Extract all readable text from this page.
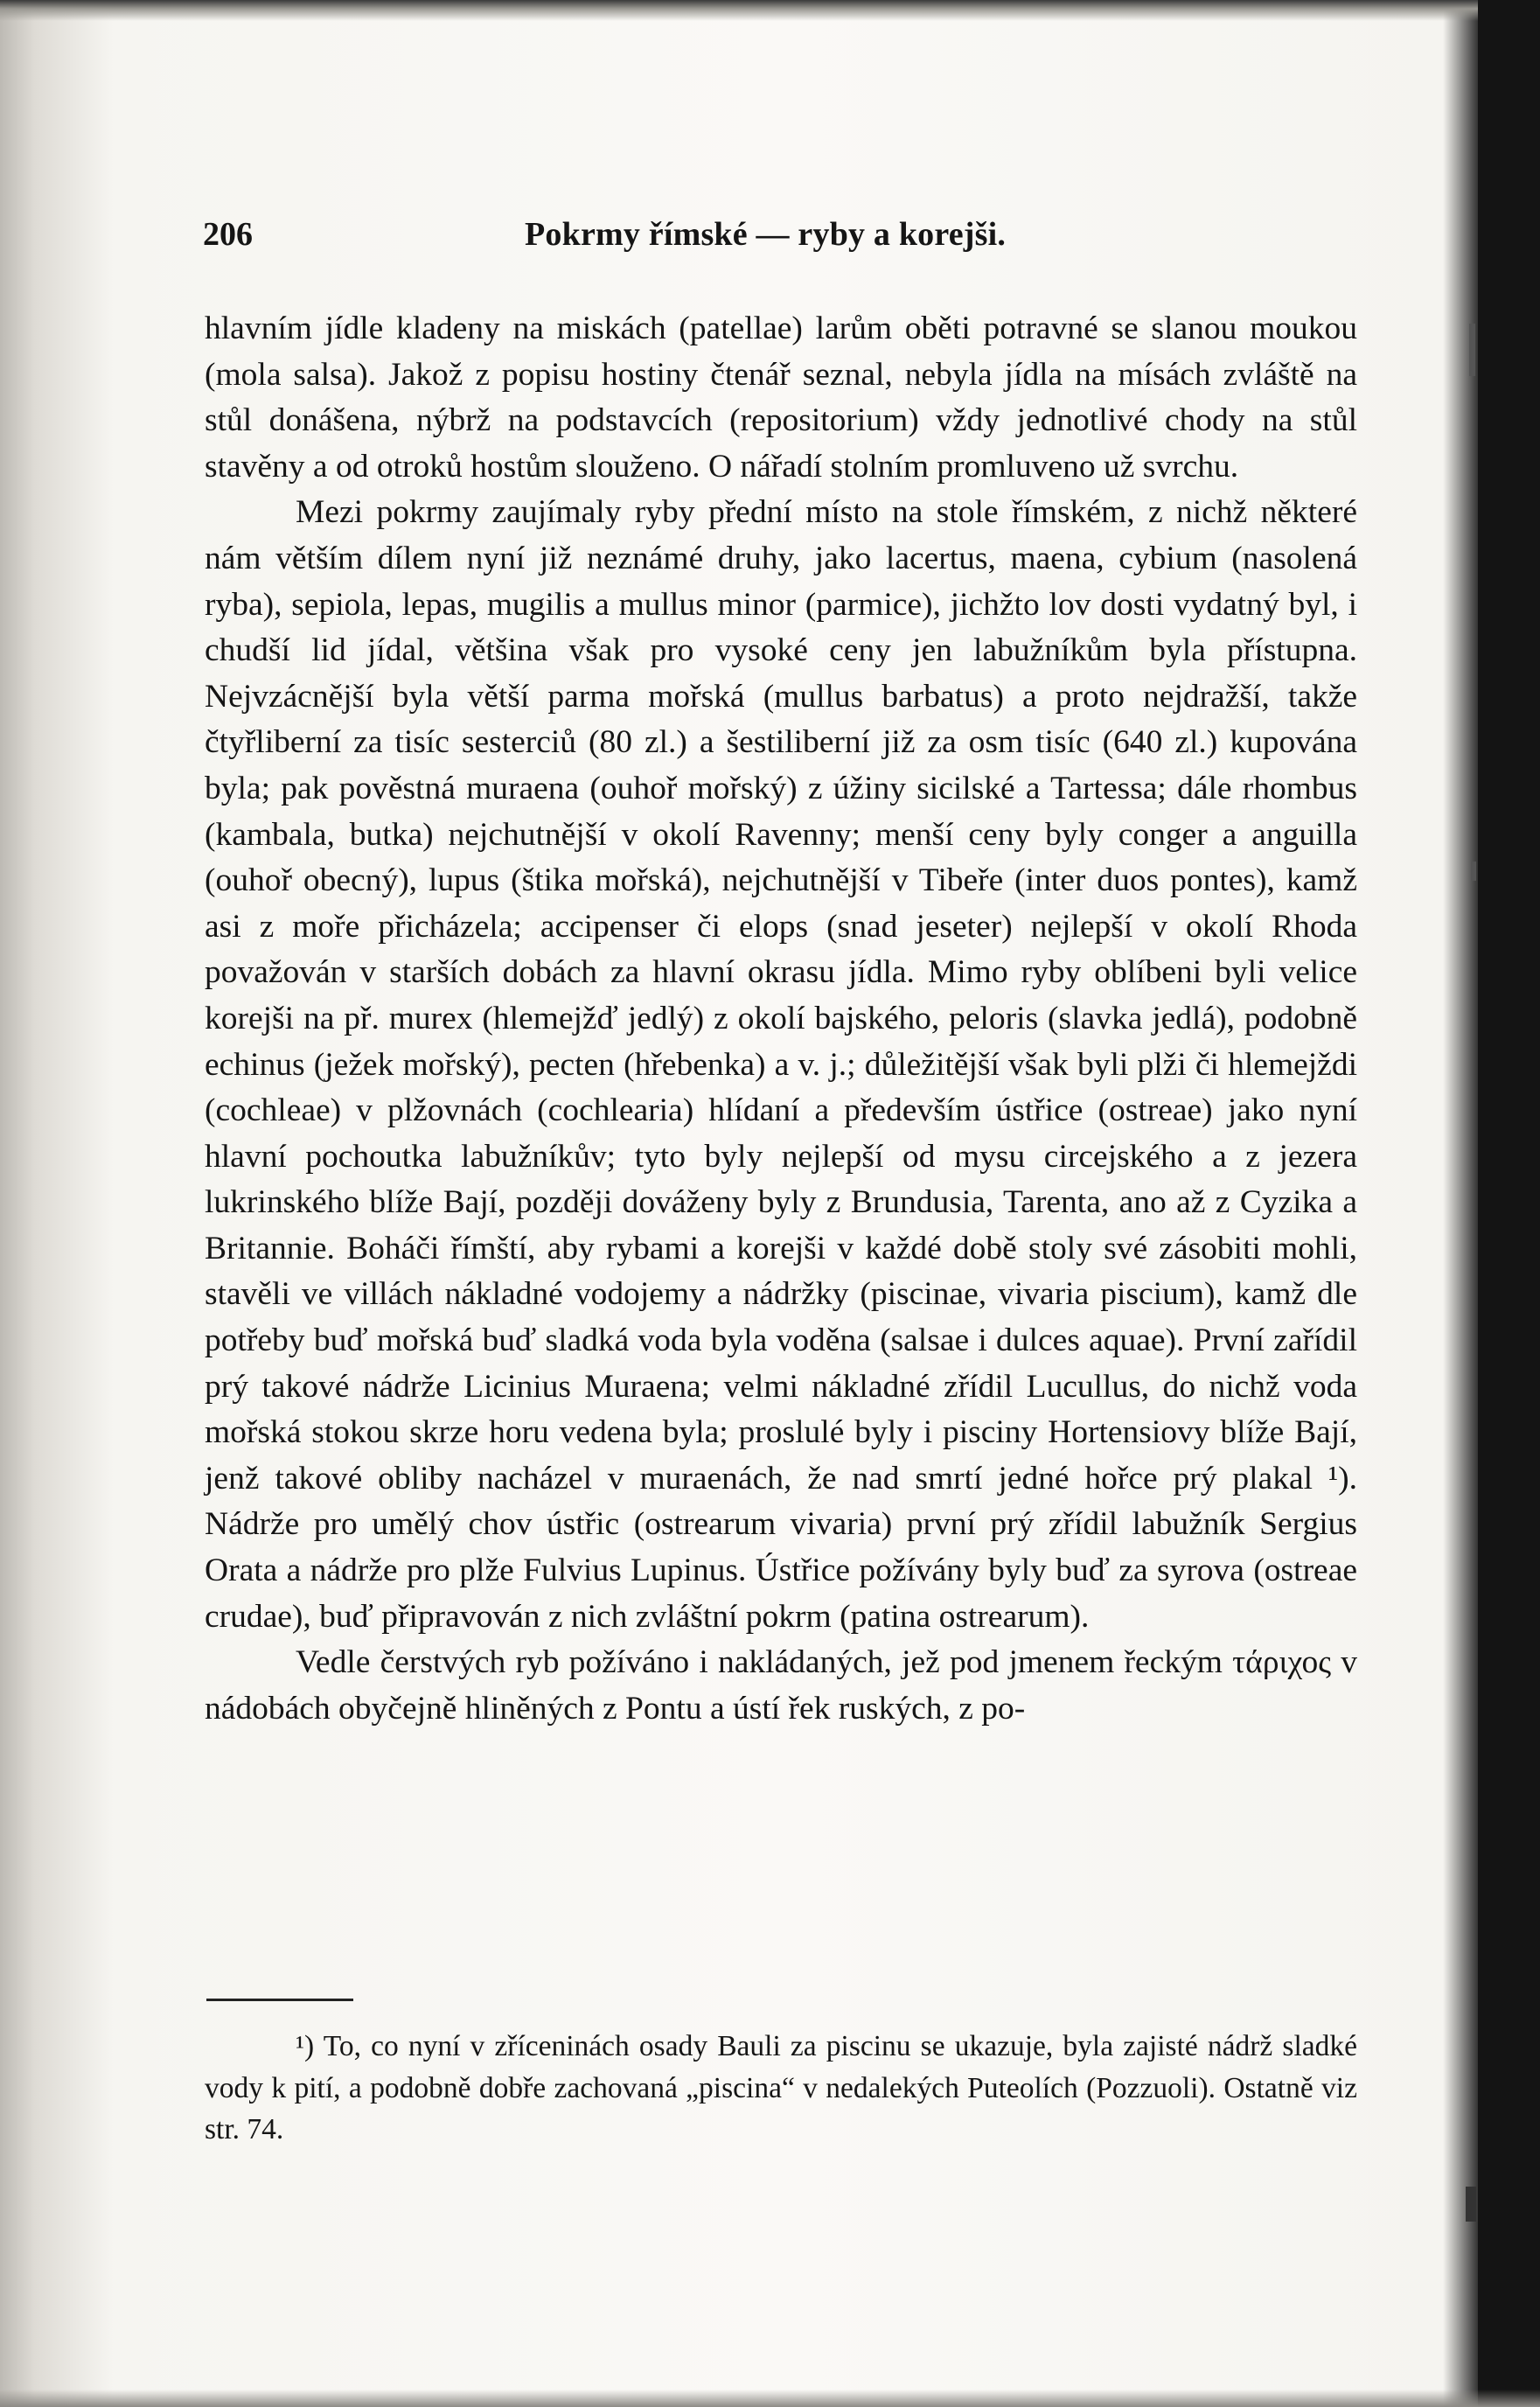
206	Pokrmy římské — ryby a korejši.

hlavním jídle kladeny na miskách (patellae) larům oběti potravné se slanou moukou (mola salsa). Jakož z popisu hostiny čtenář seznal, nebyla jídla na mísách zvláště na stůl donášena, nýbrž na podstavcích (repositorium) vždy jednotlivé chody na stůl stavěny a od otroků hostům slouženo. O nářadí stolním promluveno už svrchu.

Mezi pokrmy zaujímaly ryby přední místo na stole římském, z nichž některé nám větším dílem nyní již neznámé druhy, jako lacertus, maena, cybium (nasolená ryba), sepiola, lepas, mugilis a mullus minor (parmice), jichžto lov dosti vydatný byl, i chudší lid jídal, většina však pro vysoké ceny jen labužníkům byla přístupna. Nejvzácnější byla větší parma mořská (mullus barbatus) a proto nejdražší, takže čtyřliberní za tisíc sesterciů (80 zl.) a šestiliberní již za osm tisíc (640 zl.) kupována byla; pak pověstná muraena (ouhoř mořský) z úžiny sicilské a Tartessa; dále rhombus (kambala, butka) nejchutnější v okolí Ravenny; menší ceny byly conger a anguilla (ouhoř obecný), lupus (štika mořská), nejchutnější v Tibeře (inter duos pontes), kamž asi z moře přicházela; accipenser či elops (snad jeseter) nejlepší v okolí Rhoda považován v starších dobách za hlavní okrasu jídla. Mimo ryby oblíbeni byli velice korejši na př. murex (hlemejžď jedlý) z okolí bajského, peloris (slavka jedlá), podobně echinus (ježek mořský), pecten (hřebenka) a v. j.; důležitější však byli plži či hlemejždi (cochleae) v plžovnách (cochlearia) hlídaní a především ústřice (ostreae) jako nyní hlavní pochoutka labužníkův; tyto byly nejlepší od mysu circejského a z jezera lukrinského blíže Bají, později dováženy byly z Brundusia, Tarenta, ano až z Cyzika a Britannie. Boháči římští, aby rybami a korejši v každé době stoly své zásobiti mohli, stavěli ve villách nákladné vodojemy a nádržky (piscinae, vivaria piscium), kamž dle potřeby buď mořská buď sladká voda byla voděna (salsae i dulces aquae). První zařídil prý takové nádrže Licinius Muraena; velmi nákladné zřídil Lucullus, do nichž voda mořská stokou skrze horu vedena byla; proslulé byly i pisciny Hortensiovy blíže Bají, jenž takové obliby nacházel v muraenách, že nad smrtí jedné hořce prý plakal ¹). Nádrže pro umělý chov ústřic (ostrearum vivaria) první prý zřídil labužník Sergius Orata a nádrže pro plže Fulvius Lupinus. Ústřice požívány byly buď za syrova (ostreae crudae), buď připravován z nich zvláštní pokrm (patina ostrearum).

Vedle čerstvých ryb požíváno i nakládaných, jež pod jmenem řeckým τάριχος v nádobách obyčejně hliněných z Pontu a ústí řek ruských, z po-

¹) To, co nyní v zříceninách osady Bauli za piscinu se ukazuje, byla zajisté nádrž sladké vody k pití, a podobně dobře zachovaná „piscina“ v nedalekých Puteolích (Pozzuoli). Ostatně viz str. 74.
